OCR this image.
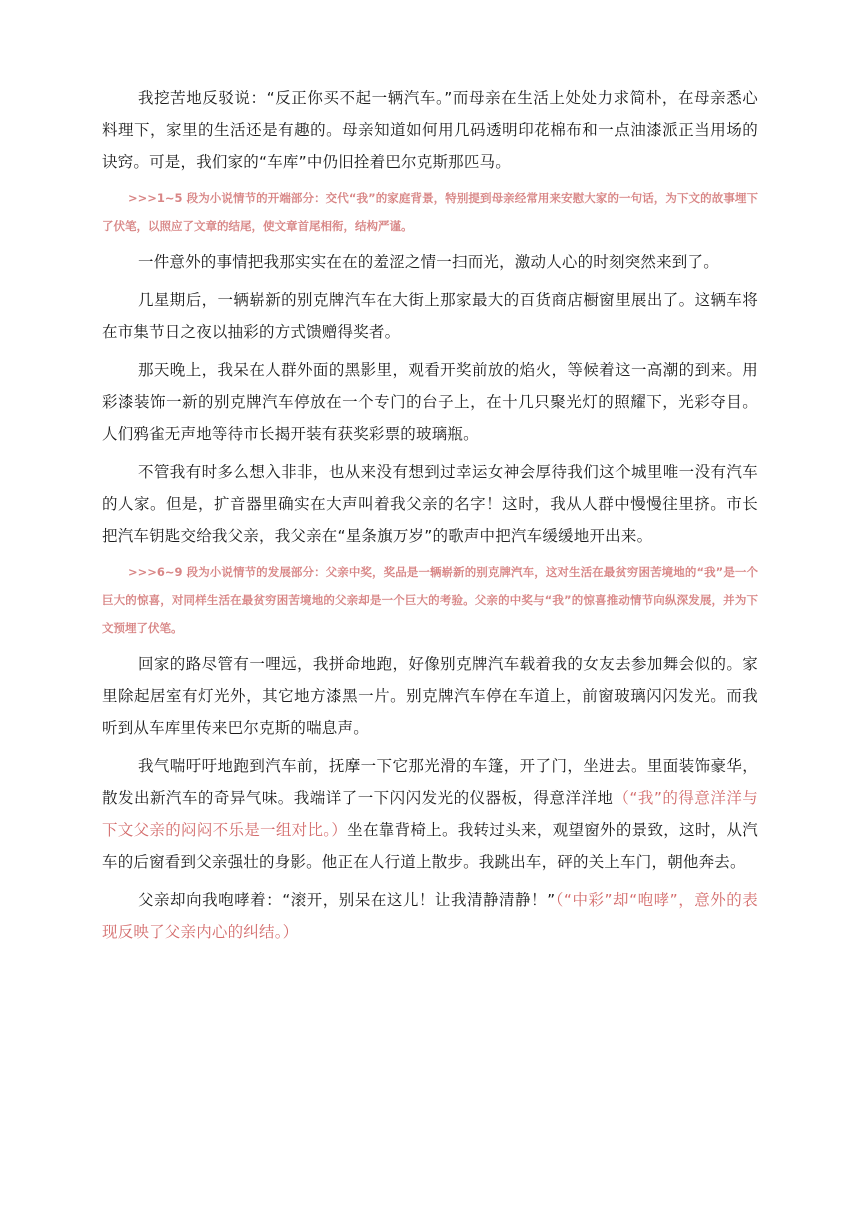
我挖苦地反驳说：“反正你买不起一辆汽车。”而母亲在生活上处处力求简朴，在母亲悉心料理下，家里的生活还是有趣的。母亲知道如何用几码透明印花棉布和一点油漆派正当用场的诀窍。可是，我们家的“车库”中仍旧拴着巴尔克斯那匹马。

>>>1~5 段为小说情节的开端部分：交代“我”的家庭背景，特别提到母亲经常用来安慰大家的一句话，为下文的故事埋下了伏笔，以照应了文章的结尾，使文章首尾相衔，结构严谨。

一件意外的事情把我那实实在在的羞涩之情一扫而光，激动人心的时刻突然来到了。

几星期后，一辆崭新的别克牌汽车在大街上那家最大的百货商店橱窗里展出了。这辆车将在市集节日之夜以抽彩的方式馈赠得奖者。

那天晚上，我呆在人群外面的黑影里，观看开奖前放的焰火，等候着这一高潮的到来。用彩漆装饰一新的别克牌汽车停放在一个专门的台子上，在十几只聚光灯的照耀下，光彩夺目。人们鸦雀无声地等待市长揭开装有获奖彩票的玻璃瓶。

不管我有时多么想入非非，也从来没有想到过幸运女神会厚待我们这个城里唯一没有汽车的人家。但是，扩音器里确实在大声叫着我父亲的名字！这时，我从人群中慢慢往里挤。市长把汽车钥匙交给我父亲，我父亲在“星条旗万岁”的歌声中把汽车缓缓地开出来。

>>>6~9 段为小说情节的发展部分：父亲中奖，奖品是一辆崭新的别克牌汽车，这对生活在最贫穷困苦境地的“我”是一个巨大的惊喜，对同样生活在最贫穷困苦境地的父亲却是一个巨大的考验。父亲的中奖与“我”的惊喜推动情节向纵深发展，并为下文预埋了伏笔。

回家的路尽管有一哩远，我拼命地跑，好像别克牌汽车载着我的女友去参加舞会似的。家里除起居室有灯光外，其它地方漆黑一片。别克牌汽车停在车道上，前窗玻璃闪闪发光。而我听到从车库里传来巴尔克斯的喘息声。

我气喘吁吁地跑到汽车前，抚摩一下它那光滑的车篷，开了门，坐进去。里面装饰豪华，散发出新汽车的奇异气味。我端详了一下闪闪发光的仪器板，得意洋洋地（“我”的得意洋洋与下文父亲的闷闷不乐是一组对比。）坐在靠背椅上。我转过头来，观望窗外的景致，这时，从汽车的后窗看到父亲强壮的身影。他正在人行道上散步。我跳出车，砰的关上车门，朝他奔去。

父亲却向我咆哮着：“滚开，别呆在这儿！让我清静清静！”（“中彩”却“咆哮”，意外的表现反映了父亲内心的纠结。）
